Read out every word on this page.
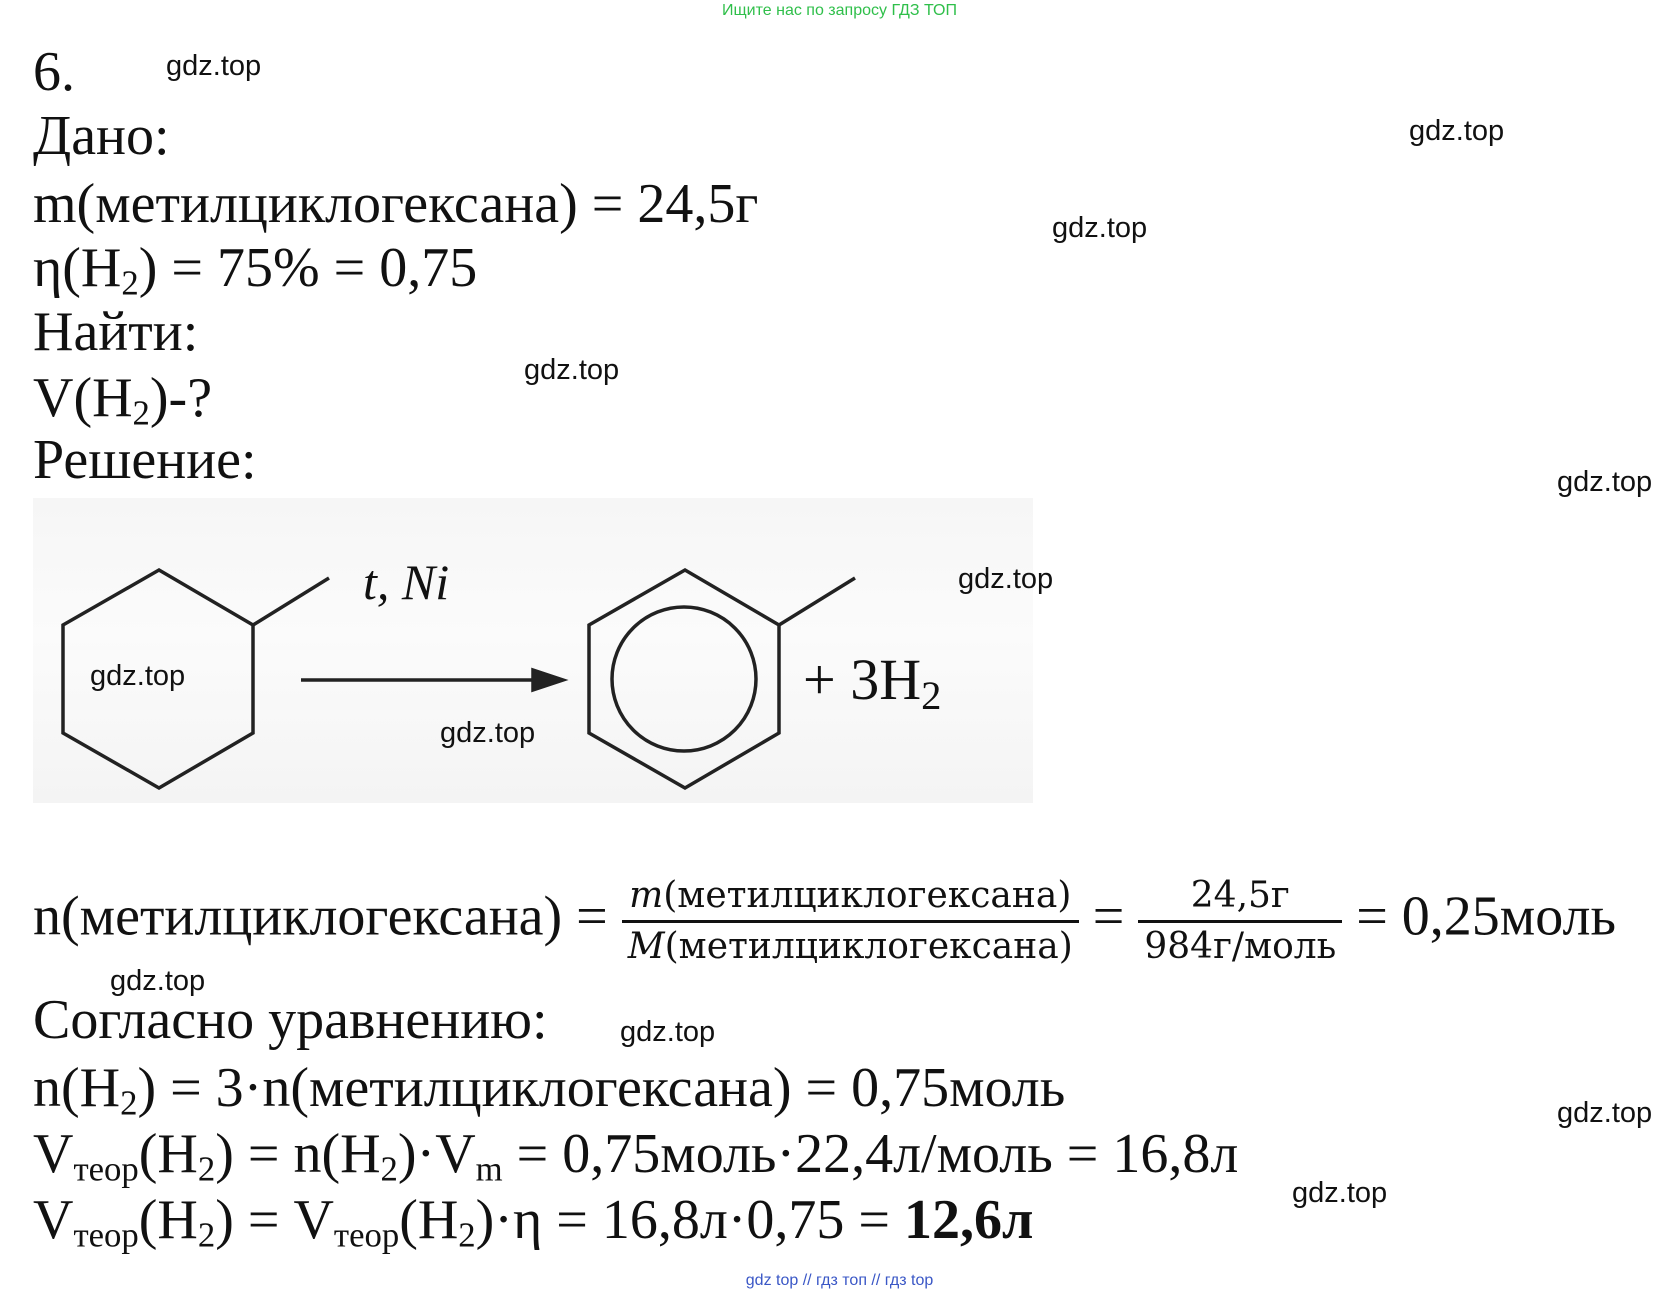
Ищите нас по запросу ГДЗ ТОП
6.
Дано:
m(метилциклогексана) = 24,5г
$\eta(H_2) = 75\% = 0,75$
Найти:
$V(H_2)-$?
Решение:
t, Ni
+ $3H_2$
n(метилциклогексана) = $\frac{\text{m(метилциклогексана)}}{\text{M(метилциклогексана)}} = \frac{24,5г}{\text{984г/моль}}$ = 0,25моль
Согласно уравнению:
$n(H_2)$ = 3·n(метилциклогексана) = 0,75моль
$V_{теор}(H_2) = n(H_2)\cdot V_m$ = 0,75моль·22,4л/моль = 16,8л
$V_{теор}(H_2) = V_{теор}(H_2)\cdot\eta = 16,8л\cdot 0,75 = 12,6л$
gdz.top
gdz.top
gdz.top
gdz.top
gdz.top
gdz.top
gdz.top
gdz.top
gdz.top
gdz.top
gdz.top
gdz.top
gdz top // гдз топ // гдз top
